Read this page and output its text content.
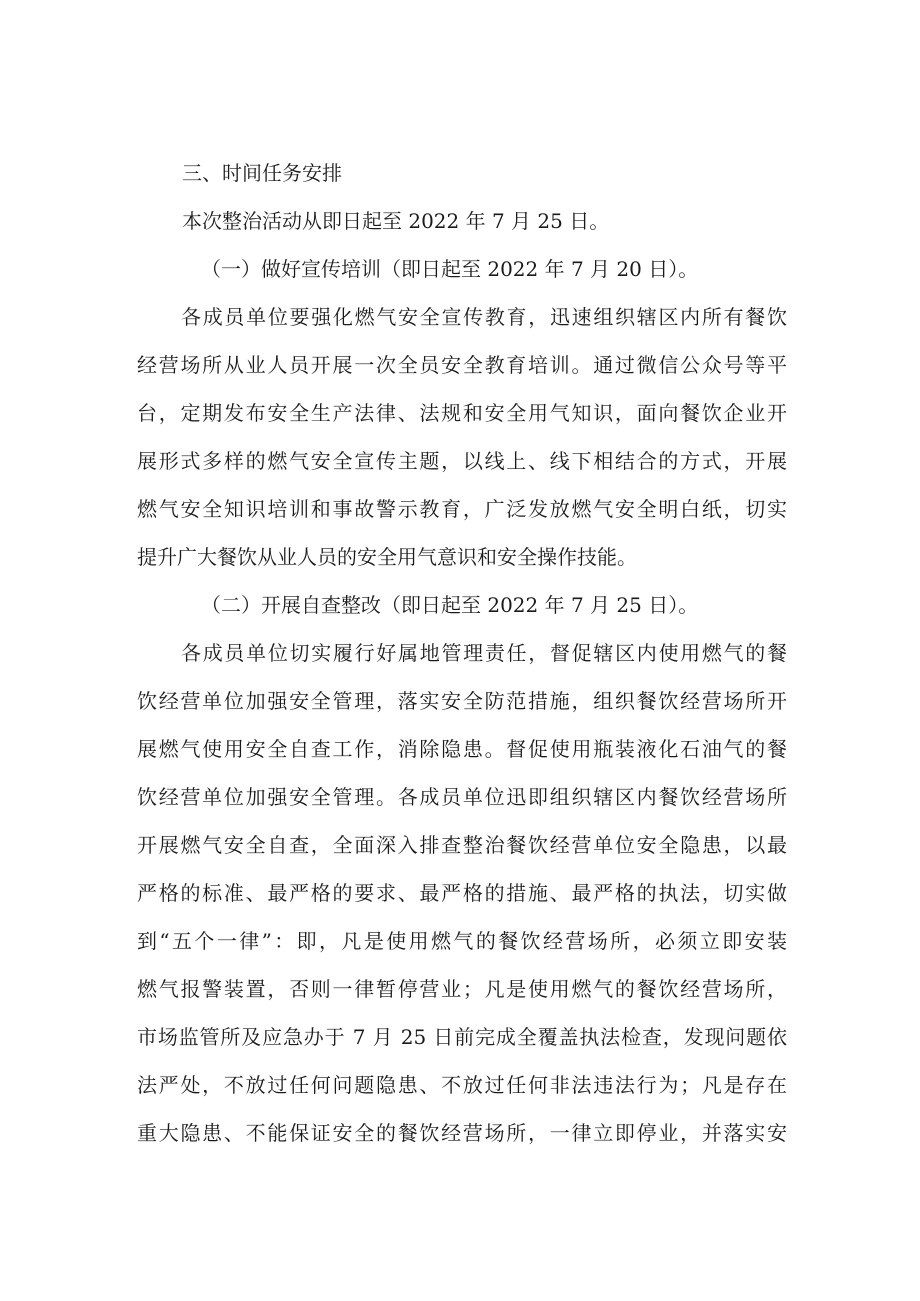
三、时间任务安排
本次整治活动从即日起至 2022 年 7 月 25 日。
（一）做好宣传培训（即日起至 2022 年 7 月 20 日）。
各成员单位要强化燃气安全宣传教育，迅速组织辖区内所有餐饮
经营场所从业人员开展一次全员安全教育培训。通过微信公众号等平
台，定期发布安全生产法律、法规和安全用气知识，面向餐饮企业开
展形式多样的燃气安全宣传主题，以线上、线下相结合的方式，开展
燃气安全知识培训和事故警示教育，广泛发放燃气安全明白纸，切实
提升广大餐饮从业人员的安全用气意识和安全操作技能。
（二）开展自查整改（即日起至 2022 年 7 月 25 日）。
各成员单位切实履行好属地管理责任，督促辖区内使用燃气的餐
饮经营单位加强安全管理，落实安全防范措施，组织餐饮经营场所开
展燃气使用安全自查工作，消除隐患。督促使用瓶装液化石油气的餐
饮经营单位加强安全管理。各成员单位迅即组织辖区内餐饮经营场所
开展燃气安全自查，全面深入排查整治餐饮经营单位安全隐患，以最
严格的标准、最严格的要求、最严格的措施、最严格的执法，切实做
到“五个一律”：即，凡是使用燃气的餐饮经营场所，必须立即安装
燃气报警装置，否则一律暂停营业；凡是使用燃气的餐饮经营场所，
市场监管所及应急办于 7 月 25 日前完成全覆盖执法检查，发现问题依
法严处，不放过任何问题隐患、不放过任何非法违法行为；凡是存在
重大隐患、不能保证安全的餐饮经营场所，一律立即停业，并落实安
